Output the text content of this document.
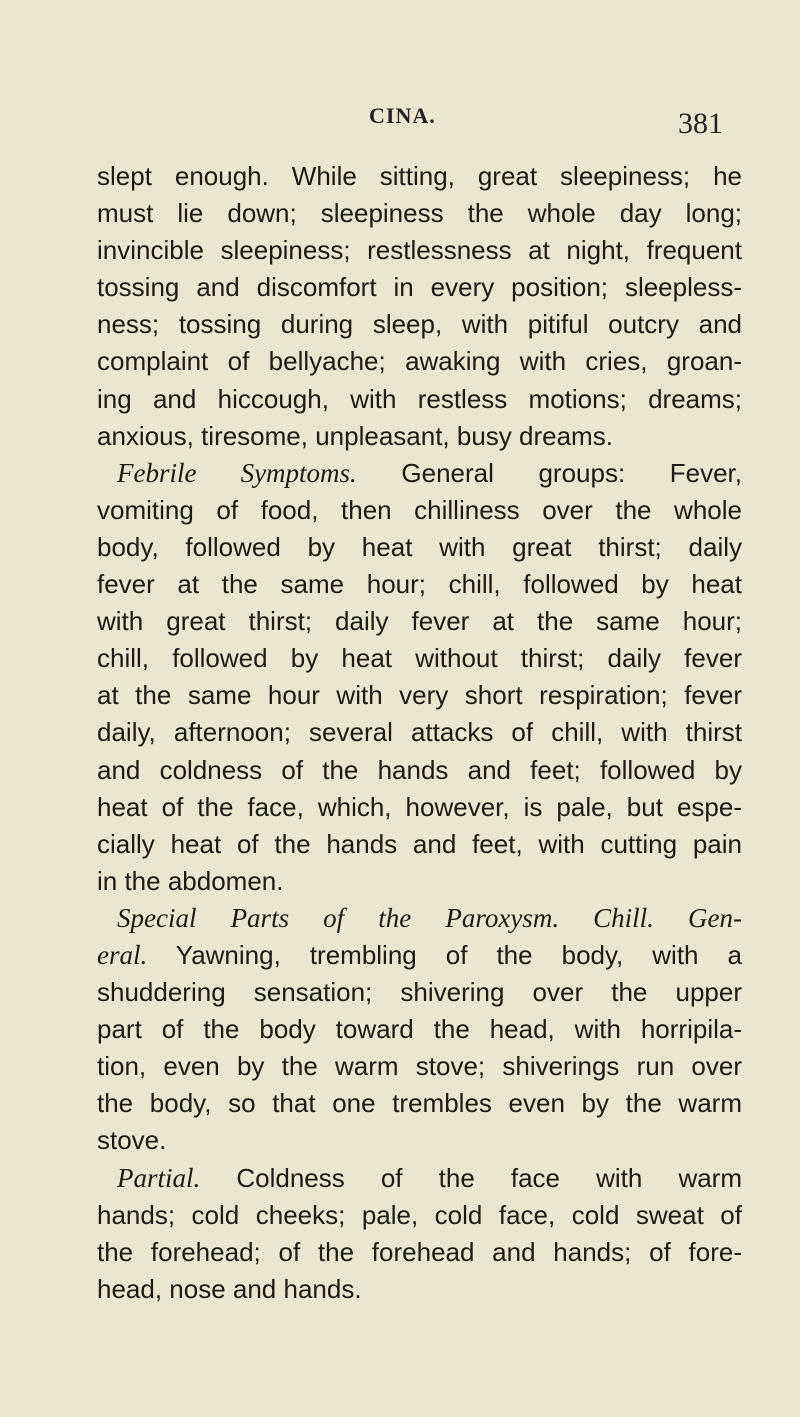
CINA.	381
slept enough. While sitting, great sleepiness; he
must lie down; sleepiness the whole day long;
invincible sleepiness; restlessness at night, frequent
tossing and discomfort in every position; sleepless-
ness; tossing during sleep, with pitiful outcry and
complaint of bellyache; awaking with cries, groan-
ing and hiccough, with restless motions; dreams;
anxious, tiresome, unpleasant, busy dreams.
Febrile Symptoms. General groups: Fever,
vomiting of food, then chilliness over the whole
body, followed by heat with great thirst; daily
fever at the same hour; chill, followed by heat
with great thirst; daily fever at the same hour;
chill, followed by heat without thirst; daily fever
at the same hour with very short respiration; fever
daily, afternoon; several attacks of chill, with thirst
and coldness of the hands and feet; followed by
heat of the face, which, however, is pale, but espe-
cially heat of the hands and feet, with cutting pain
in the abdomen.
Special Parts of the Paroxysm. Chill. Gen-
eral. Yawning, trembling of the body, with a
shuddering sensation; shivering over the upper
part of the body toward the head, with horripila-
tion, even by the warm stove; shiverings run over
the body, so that one trembles even by the warm
stove.
Partial. Coldness of the face with warm
hands; cold cheeks; pale, cold face, cold sweat of
the forehead; of the forehead and hands; of fore-
head, nose and hands.
